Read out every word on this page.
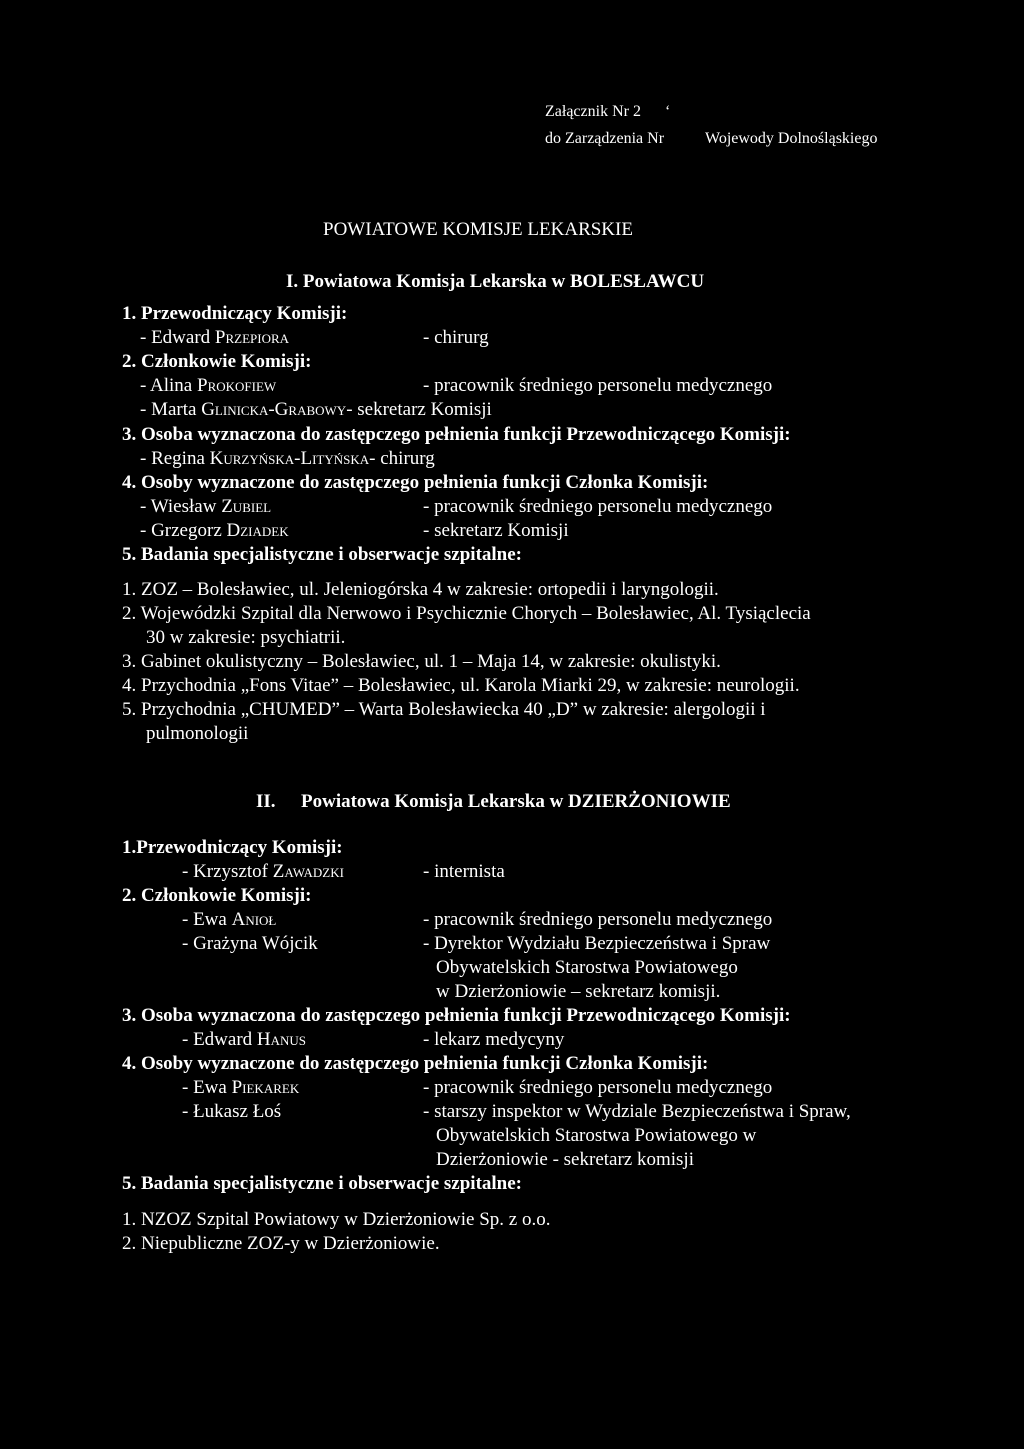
Załącznik Nr 2 ‘
do Zarządzenia Nr	Wojewody Dolnośląskiego
POWIATOWE KOMISJE LEKARSKIE
I. Powiatowa Komisja Lekarska w BOLESŁAWCU
1. Przewodniczący Komisji:
- Edward Przepiora	- chirurg
2. Członkowie Komisji:
- Alina Prokofiew	- pracownik średniego personelu medycznego
- Marta Glinicka-Grabowy- sekretarz Komisji
3. Osoba wyznaczona do zastępczego pełnienia funkcji Przewodniczącego Komisji:
- Regina Kurzyńska-Lityńska- chirurg
4. Osoby wyznaczone do zastępczego pełnienia funkcji Członka Komisji:
- Wiesław Zubiel	- pracownik średniego personelu medycznego
- Grzegorz Dziadek	- sekretarz Komisji
5. Badania specjalistyczne i obserwacje szpitalne:
1. ZOZ – Bolesławiec, ul. Jeleniogórska 4 w zakresie: ortopedii i laryngologii.
2. Wojewódzki Szpital dla Nerwowo i Psychicznie Chorych – Bolesławiec, Al. Tysiąclecia
30 w zakresie: psychiatrii.
3. Gabinet okulistyczny – Bolesławiec, ul. 1 – Maja 14, w zakresie: okulistyki.
4. Przychodnia „Fons Vitae” – Bolesławiec, ul. Karola Miarki 29, w zakresie: neurologii.
5. Przychodnia „CHUMED” – Warta Bolesławiecka 40 „D” w zakresie: alergologii i
pulmonologii
II. Powiatowa Komisja Lekarska w DZIERŻONIOWIE
1.Przewodniczący Komisji:
- Krzysztof Zawadzki	- internista
2. Członkowie Komisji:
- Ewa Anioł	- pracownik średniego personelu medycznego
- Grażyna Wójcik	- Dyrektor Wydziału Bezpieczeństwa i Spraw
Obywatelskich Starostwa Powiatowego
w Dzierżoniowie – sekretarz komisji.
3. Osoba wyznaczona do zastępczego pełnienia funkcji Przewodniczącego Komisji:
- Edward Hanus	- lekarz medycyny
4. Osoby wyznaczone do zastępczego pełnienia funkcji Członka Komisji:
- Ewa Piekarek	- pracownik średniego personelu medycznego
- Łukasz Łoś	- starszy inspektor w Wydziale Bezpieczeństwa i Spraw,
Obywatelskich Starostwa Powiatowego w
Dzierżoniowie - sekretarz komisji
5. Badania specjalistyczne i obserwacje szpitalne:
1. NZOZ Szpital Powiatowy w Dzierżoniowie Sp. z o.o.
2. Niepubliczne ZOZ-y w Dzierżoniowie.
